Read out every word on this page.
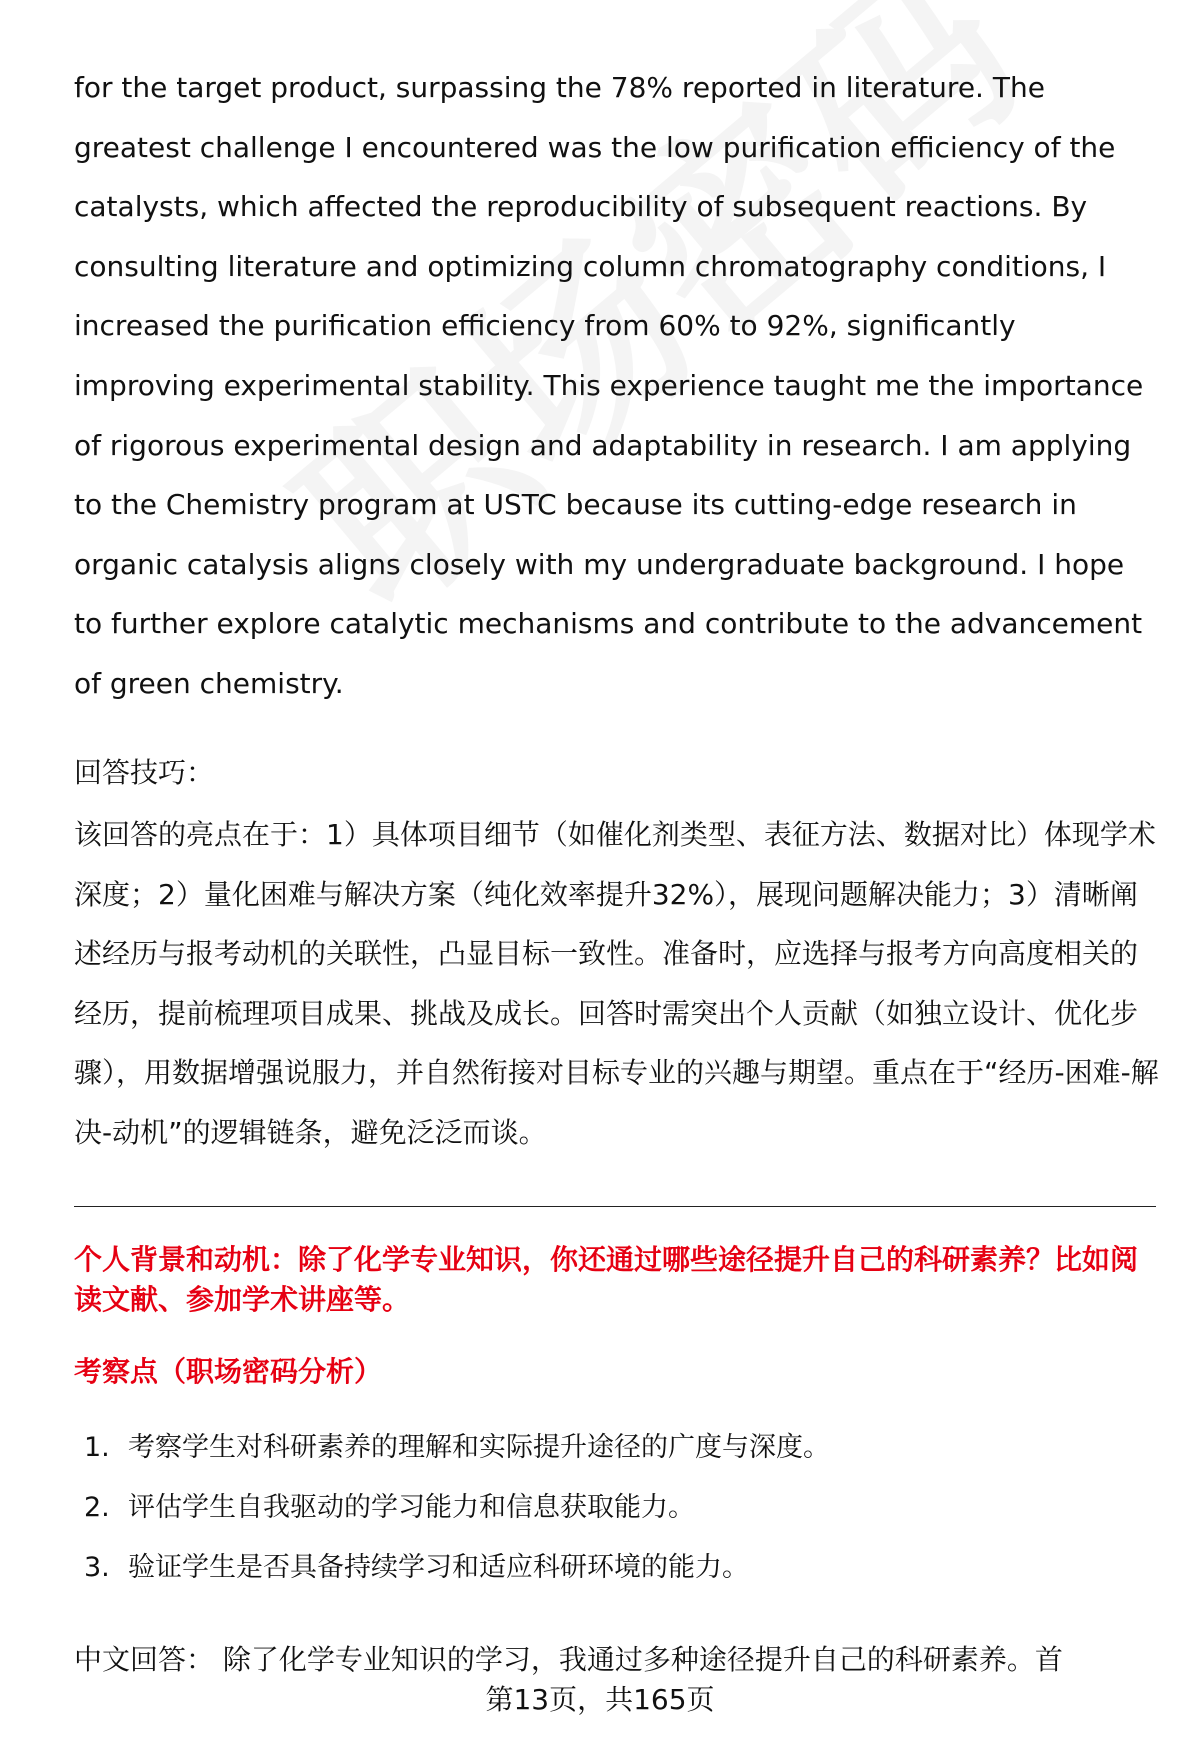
for the target product, surpassing the 78% reported in literature. The greatest challenge I encountered was the low purification efficiency of the catalysts, which affected the reproducibility of subsequent reactions. By consulting literature and optimizing column chromatography conditions, I increased the purification efficiency from 60% to 92%, significantly improving experimental stability. This experience taught me the importance of rigorous experimental design and adaptability in research. I am applying to the Chemistry program at USTC because its cutting-edge research in organic catalysis aligns closely with my undergraduate background. I hope to further explore catalytic mechanisms and contribute to the advancement of green chemistry.
回答技巧：
该回答的亮点在于：1）具体项目细节（如催化剂类型、表征方法、数据对比）体现学术深度；2）量化困难与解决方案（纯化效率提升32%），展现问题解决能力；3）清晰阐述经历与报考动机的关联性，凸显目标一致性。准备时，应选择与报考方向高度相关的经历，提前梳理项目成果、挑战及成长。回答时需突出个人贡献（如独立设计、优化步骤），用数据增强说服力，并自然衔接对目标专业的兴趣与期望。重点在于“经历-困难-解决-动机”的逻辑链条，避免泛泛而谈。
个人背景和动机：除了化学专业知识，你还通过哪些途径提升自己的科研素养？比如阅读文献、参加学术讲座等。
考察点（职场密码分析）
1. 考察学生对科研素养的理解和实际提升途径的广度与深度。
2. 评估学生自我驱动的学习能力和信息获取能力。
3. 验证学生是否具备持续学习和适应科研环境的能力。
中文回答： 除了化学专业知识的学习，我通过多种途径提升自己的科研素养。首
第13页，共165页
